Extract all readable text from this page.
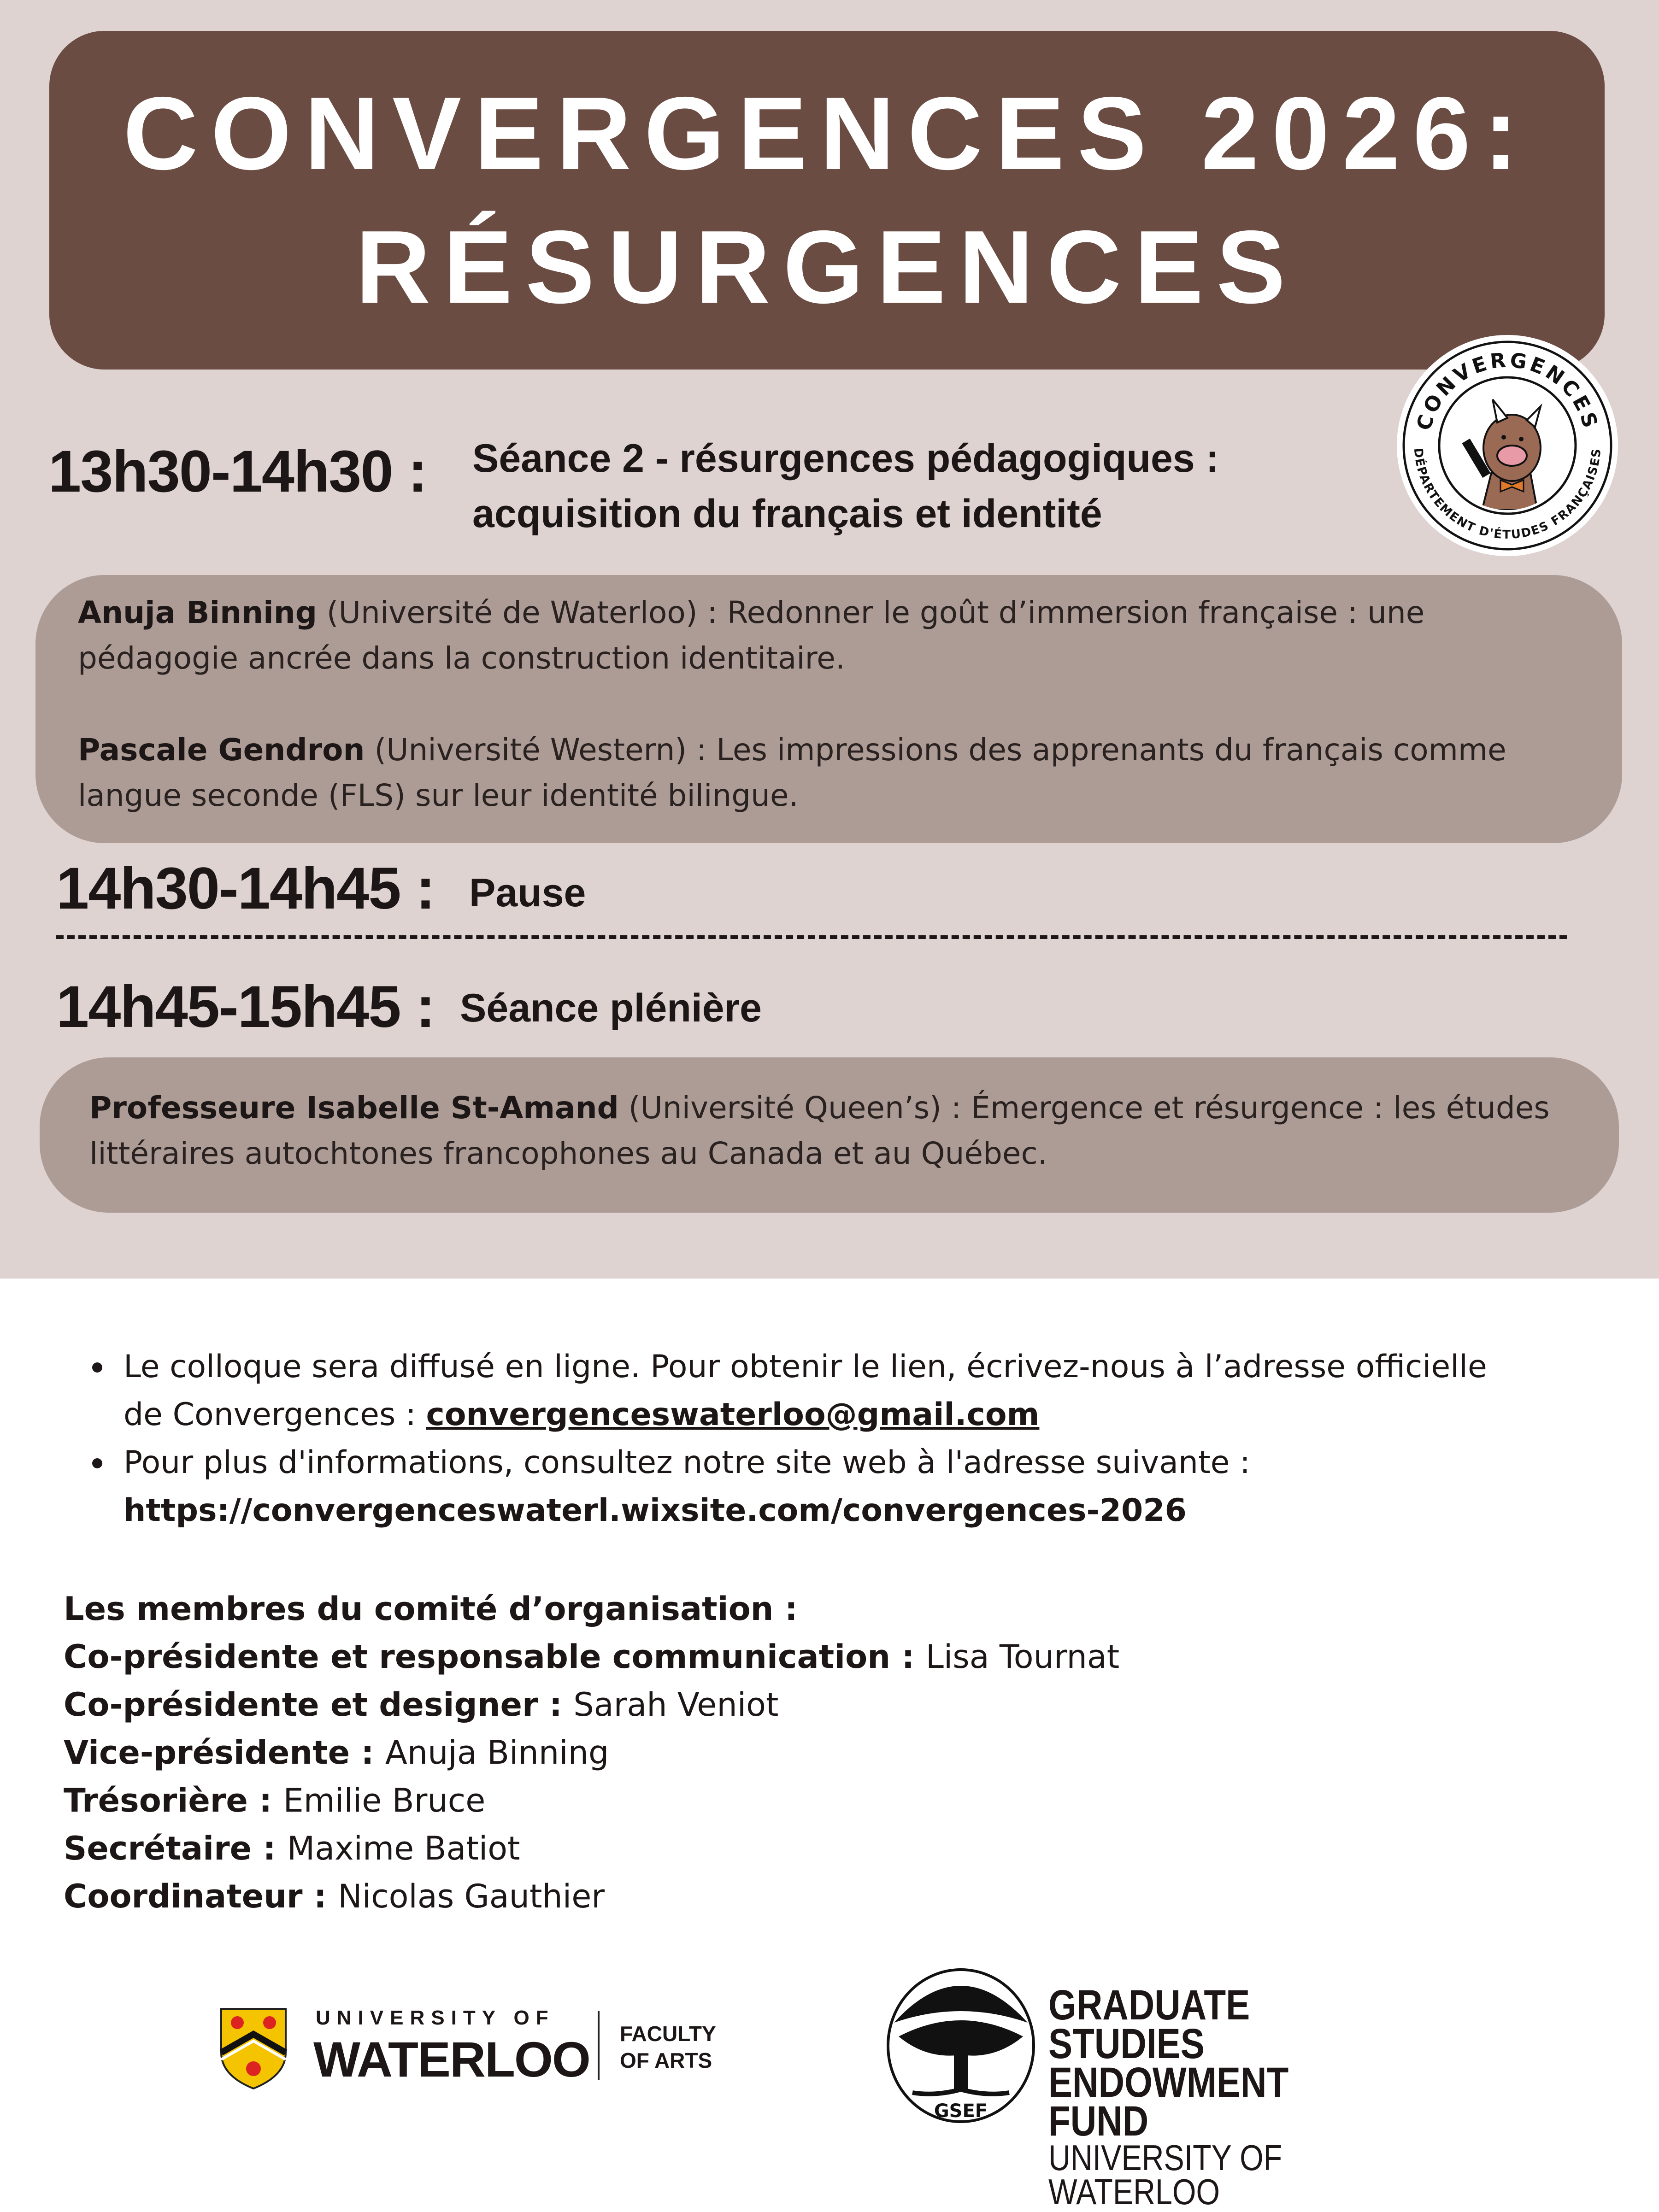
CONVERGENCES 2026:
RÉSURGENCES
CONVERGENCES
DÉPARTEMENT D'ÉTUDES FRANÇAISES
13h30-14h30 : Séance 2 - résurgences pédagogiques :
acquisition du français et identité

Anuja Binning (Université de Waterloo) : Redonner le goût d’immersion française : une pédagogie ancrée dans la construction identitaire.

Pascale Gendron (Université Western) : Les impressions des apprenants du français comme langue seconde (FLS) sur leur identité bilingue.

14h30-14h45 : Pause
14h45-15h45 : Séance plénière

Professeure Isabelle St-Amand (Université Queen’s) : Émergence et résurgence : les études littéraires autochtones francophones au Canada et au Québec.

Le colloque sera diffusé en ligne. Pour obtenir le lien, écrivez-nous à l’adresse officielle de Convergences : convergenceswaterloo@gmail.com
Pour plus d'informations, consultez notre site web à l'adresse suivante :
https://convergenceswaterl.wixsite.com/convergences-2026
Les membres du comité d’organisation :
Co-présidente et responsable communication : Lisa Tournat
Co-présidente et designer : Sarah Veniot
Vice-présidente : Anuja Binning
Trésorière : Emilie Bruce
Secrétaire : Maxime Batiot
Coordinateur : Nicolas Gauthier
UNIVERSITY OF
WATERLOO FACULTY
OF ARTS
GSEF
GRADUATE STUDIES
ENDOWMENT FUND
UNIVERSITY OF WATERLOO
